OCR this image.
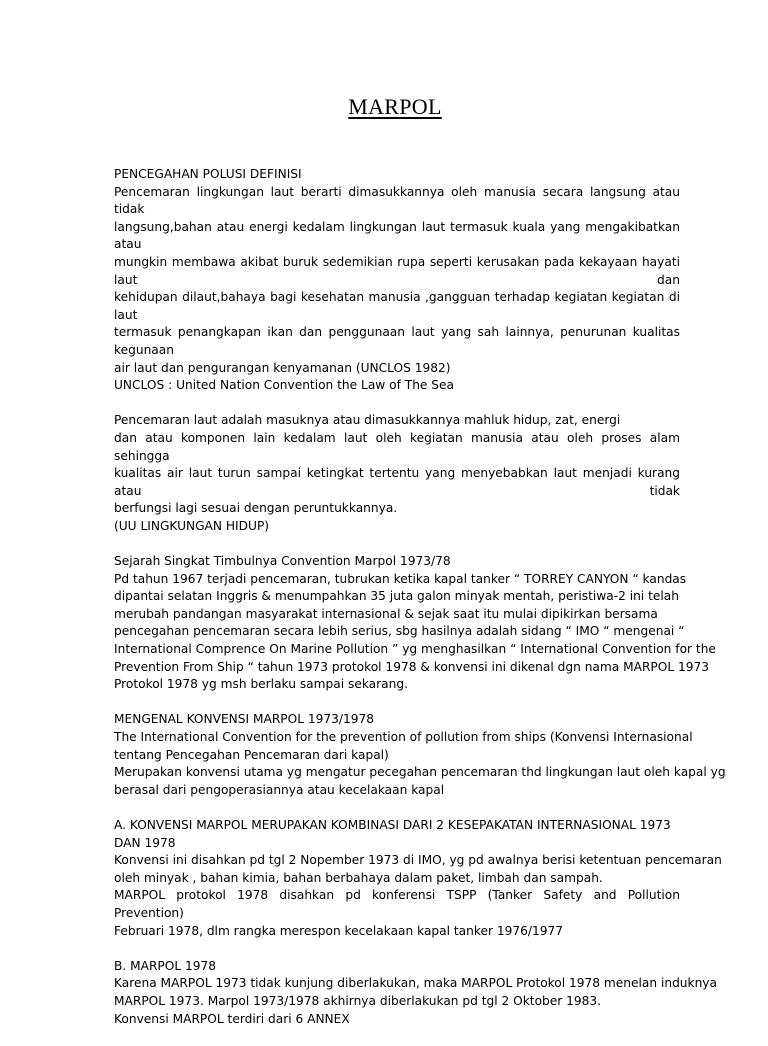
MARPOL
PENCEGAHAN POLUSI DEFINISI
Pencemaran lingkungan laut berarti dimasukkannya oleh manusia secara langsung atau tidak
langsung,bahan atau energi kedalam lingkungan laut termasuk kuala yang mengakibatkan atau
mungkin membawa akibat buruk sedemikian rupa seperti kerusakan pada kekayaan hayati laut dan
kehidupan dilaut,bahaya bagi kesehatan manusia ,gangguan terhadap kegiatan kegiatan di laut
termasuk penangkapan ikan dan penggunaan laut yang sah lainnya, penurunan kualitas kegunaan
air laut dan pengurangan kenyamanan (UNCLOS 1982)
UNCLOS : United Nation Convention the Law of The Sea
Pencemaran laut adalah masuknya atau dimasukkannya mahluk hidup, zat, energi
dan atau komponen lain kedalam laut oleh kegiatan manusia atau oleh proses alam sehingga
kualitas air laut turun sampai ketingkat tertentu yang menyebabkan laut menjadi kurang atau tidak
berfungsi lagi sesuai dengan peruntukkannya.
(UU LINGKUNGAN HIDUP)
Sejarah Singkat Timbulnya Convention Marpol 1973/78
Pd tahun 1967 terjadi pencemaran, tubrukan ketika kapal tanker “ TORREY CANYON “ kandas
dipantai selatan Inggris & menumpahkan 35 juta galon minyak mentah, peristiwa-2 ini telah
merubah pandangan masyarakat internasional & sejak saat itu mulai dipikirkan bersama
pencegahan pencemaran secara lebih serius, sbg hasilnya adalah sidang “ IMO “ mengenai “
International Comprence On Marine Pollution ” yg menghasilkan “ International Convention for the
Prevention From Ship “ tahun 1973 protokol 1978 & konvensi ini dikenal dgn nama MARPOL 1973
Protokol 1978 yg msh berlaku sampai sekarang.
MENGENAL KONVENSI MARPOL 1973/1978
The International Convention for the prevention of pollution from ships (Konvensi Internasional
tentang Pencegahan Pencemaran dari kapal)
Merupakan konvensi utama yg mengatur pecegahan pencemaran thd lingkungan laut oleh kapal yg
berasal dari pengoperasiannya atau kecelakaan kapal
A. KONVENSI MARPOL MERUPAKAN KOMBINASI DARI 2 KESEPAKATAN INTERNASIONAL 1973
DAN 1978
Konvensi ini disahkan pd tgl 2 Nopember 1973 di IMO, yg pd awalnya berisi ketentuan pencemaran
oleh minyak , bahan kimia, bahan berbahaya dalam paket, limbah dan sampah.
MARPOL protokol 1978 disahkan pd konferensi TSPP (Tanker Safety and Pollution Prevention)
Februari 1978, dlm rangka merespon kecelakaan kapal tanker 1976/1977
B. MARPOL 1978
Karena MARPOL 1973 tidak kunjung diberlakukan, maka MARPOL Protokol 1978 menelan induknya
MARPOL 1973. Marpol 1973/1978 akhirnya diberlakukan pd tgl 2 Oktober 1983.
Konvensi MARPOL terdiri dari 6 ANNEX
